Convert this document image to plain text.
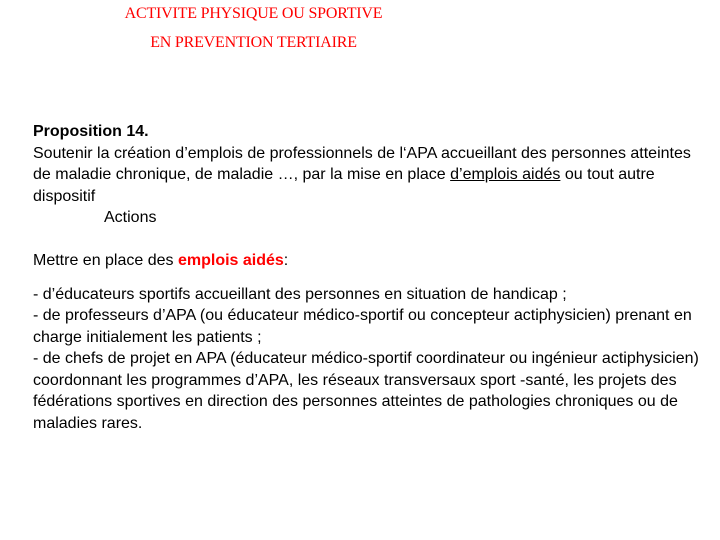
ACTIVITE PHYSIQUE OU SPORTIVE
EN PREVENTION TERTIAIRE

Proposition 14.

Soutenir la création d’emplois de professionnels de l‘APA accueillant des personnes atteintes de maladie chronique, de maladie …, par la mise en place d’emplois aidés ou tout autre dispositif

Actions

Mettre en place des emplois aidés:

- d’éducateurs sportifs accueillant des personnes en situation de handicap ;

- de professeurs d’APA (ou éducateur médico-sportif ou concepteur actiphysicien) prenant en charge initialement les patients ;

- de chefs de projet en APA (éducateur médico-sportif coordinateur ou ingénieur actiphysicien) coordonnant les programmes d’APA, les réseaux transversaux sport -santé, les projets des fédérations sportives en direction des personnes atteintes de pathologies chroniques ou de maladies rares.
